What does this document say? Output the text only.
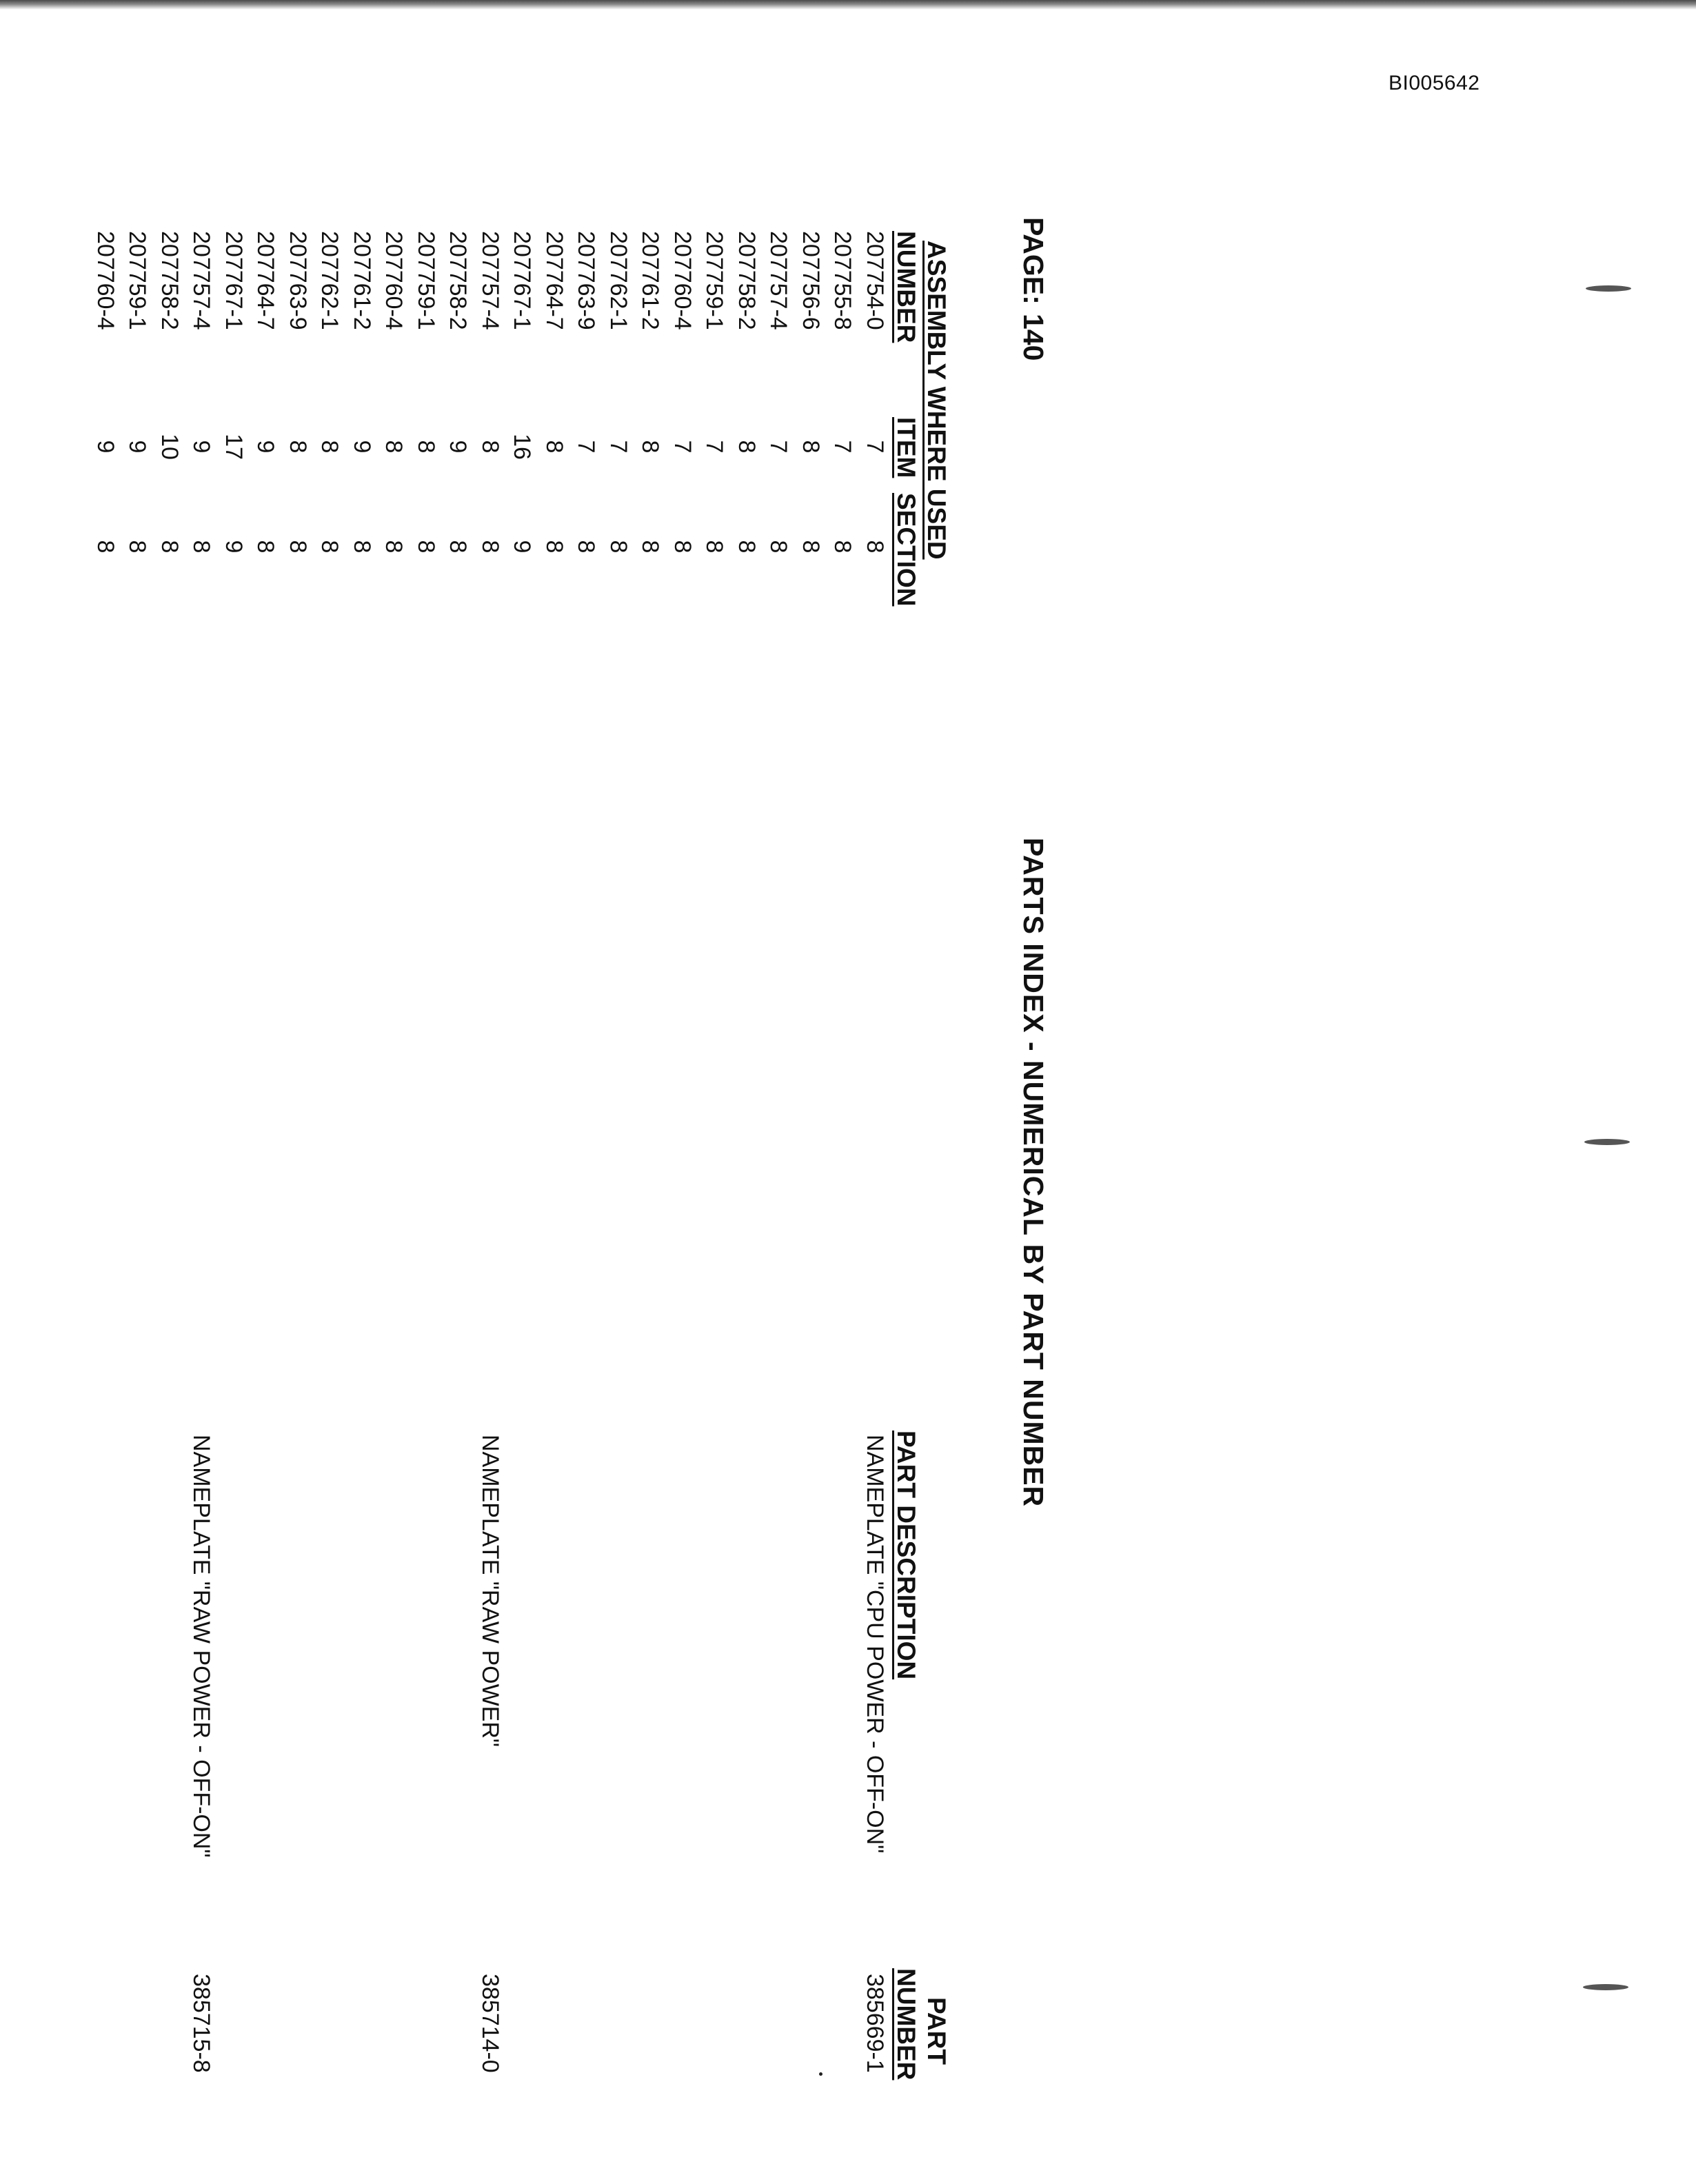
BI005642
PARTS INDEX - NUMERICAL BY PART NUMBER
PAGE:
140
PART
NUMBER
PART DESCRIPTION
ASSEMBLY WHERE USED
NUMBER
ITEM
SECTION
385669-1
NAMEPLATE "CPU POWER - OFF-ON"
207754-0
7
8
207755-8
7
8
207756-6
8
8
207757-4
7
8
207758-2
8
8
207759-1
7
8
207760-4
7
8
207761-2
8
8
207762-1
7
8
207763-9
7
8
207764-7
8
8
207767-1
16
9
385714-0
NAMEPLATE "RAW POWER"
207757-4
8
8
207758-2
9
8
207759-1
8
8
207760-4
8
8
207761-2
9
8
207762-1
8
8
207763-9
8
8
207764-7
9
8
207767-1
17
9
385715-8
NAMEPLATE "RAW POWER - OFF-ON"
207757-4
9
8
207758-2
10
8
207759-1
9
8
207760-4
9
8
